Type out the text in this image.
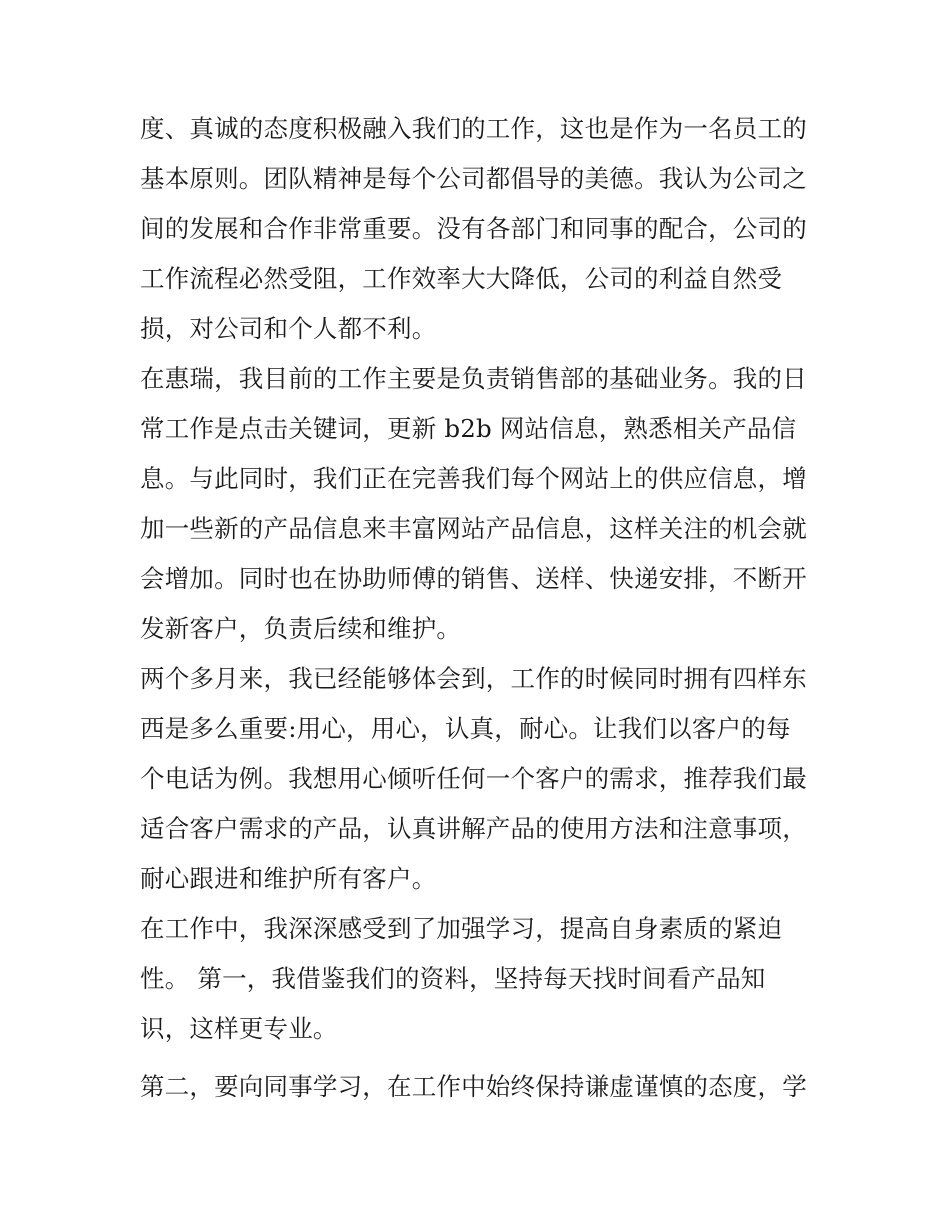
度、真诚的态度积极融入我们的工作，这也是作为一名员工的
基本原则。团队精神是每个公司都倡导的美德。我认为公司之
间的发展和合作非常重要。没有各部门和同事的配合，公司的
工作流程必然受阻，工作效率大大降低，公司的利益自然受
损，对公司和个人都不利。
在惠瑞，我目前的工作主要是负责销售部的基础业务。我的日
常工作是点击关键词，更新 b2b 网站信息，熟悉相关产品信
息。与此同时，我们正在完善我们每个网站上的供应信息，增
加一些新的产品信息来丰富网站产品信息，这样关注的机会就
会增加。同时也在协助师傅的销售、送样、快递安排，不断开
发新客户，负责后续和维护。
两个多月来，我已经能够体会到，工作的时候同时拥有四样东
西是多么重要:用心，用心，认真，耐心。让我们以客户的每
个电话为例。我想用心倾听任何一个客户的需求，推荐我们最
适合客户需求的产品，认真讲解产品的使用方法和注意事项，
耐心跟进和维护所有客户。
在工作中，我深深感受到了加强学习，提高自身素质的紧迫
性。 第一，我借鉴我们的资料，坚持每天找时间看产品知
识，这样更专业。
第二，要向同事学习，在工作中始终保持谦虚谨慎的态度，学
